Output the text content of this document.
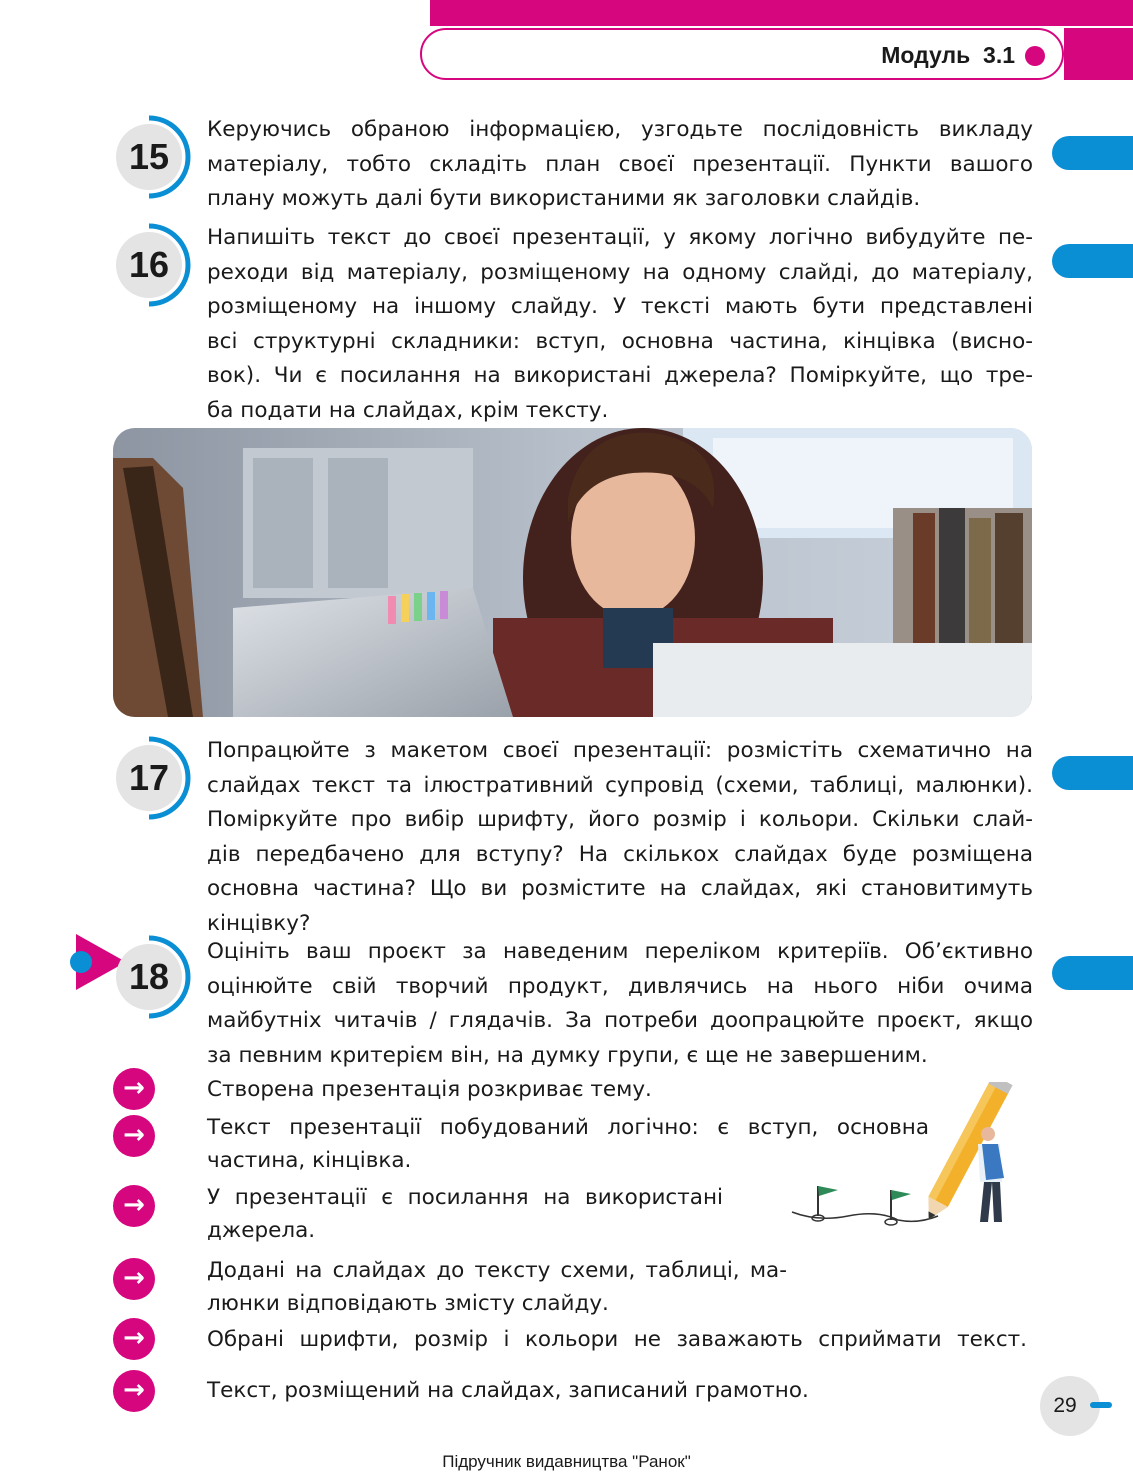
Модуль  3.1
15
Керуючись обраною інформацією, узгодьте послідовність викладу
матеріалу, тобто складіть план своєї презентації. Пункти вашого
плану можуть далі бути використаними як заголовки слайдів.
16
Напишіть текст до своєї презентації, у якому логічно вибудуйте пе-
реходи від матеріалу, розміщеному на одному слайді, до матеріалу,
розміщеному на іншому слайду. У тексті мають бути представлені
всі структурні складники: вступ, основна частина, кінцівка (висно-
вок). Чи є посилання на використані джерела? Поміркуйте, що тре-
ба подати на слайдах, крім тексту.
17
Попрацюйте з макетом своєї презентації: розмістіть схематично на
слайдах текст та ілюстративний супровід (схеми, таблиці, малюнки).
Поміркуйте про вибір шрифту, його розмір і кольори. Скільки слай-
дів передбачено для вступу? На скількох слайдах буде розміщена
основна частина? Що ви розмістите на слайдах, які становитимуть
кінцівку?
18
Оцініть ваш проєкт за наведеним переліком критеріїв. Об’єктивно
оцінюйте свій творчий продукт, дивлячись на нього ніби очима
майбутніх читачів / глядачів. За потреби доопрацюйте проєкт, якщо
за певним критерієм він, на думку групи, є ще не завершеним.
→	Створена презентація розкриває тему.
→	Текст презентації побудований логічно: є вступ, основна
частина, кінцівка.
→	У презентації є посилання на використані
джерела.
→	Додані на слайдах до тексту схеми, таблиці, ма-
люнки відповідають змісту слайду.
→	Обрані шрифти, розмір і кольори не заважають сприймати текст.
→	Текст, розміщений на слайдах, записаний грамотно.
29
Підручник видавництва "Ранок"
